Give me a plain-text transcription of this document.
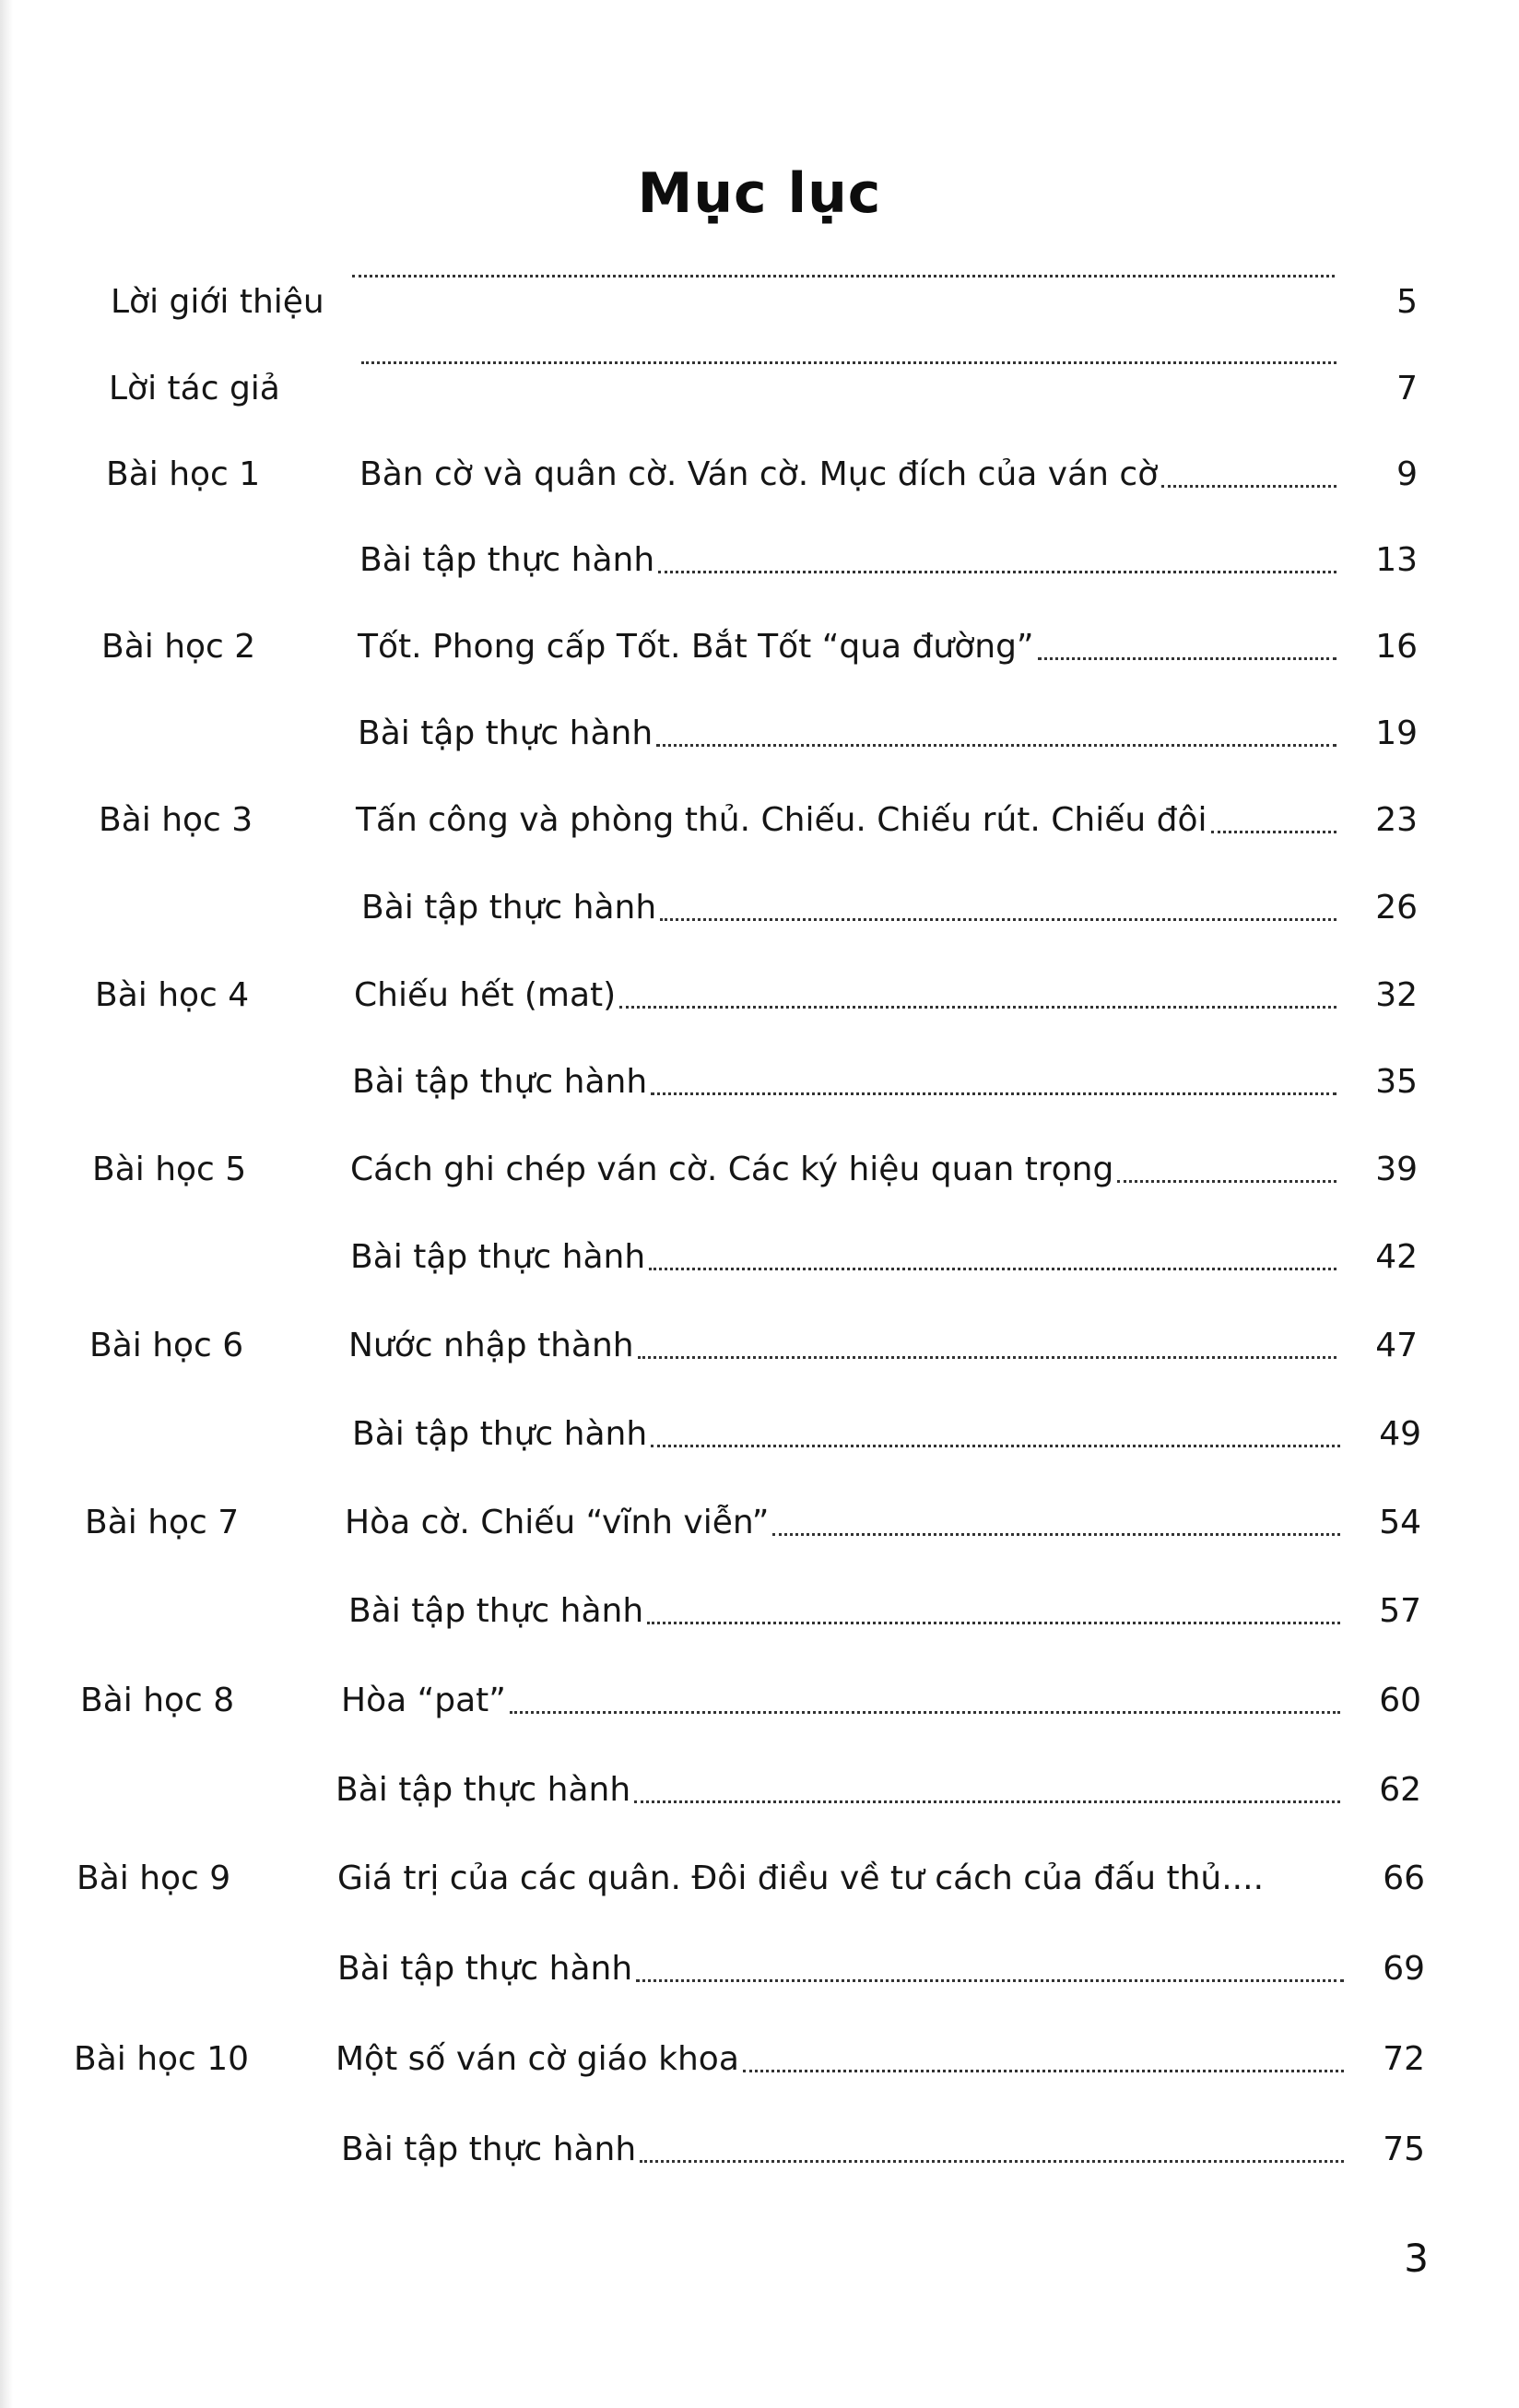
Mục lục
Lời giới thiệu	5
Lời tác giả	7
Bài học 1	Bàn cờ và quân cờ. Ván cờ. Mục đích của ván cờ	9
Bài tập thực hành	13
Bài học 2	Tốt. Phong cấp Tốt. Bắt Tốt “qua đường”	16
Bài tập thực hành	19
Bài học 3	Tấn công và phòng thủ. Chiếu. Chiếu rút. Chiếu đôi	23
Bài tập thực hành	26
Bài học 4	Chiếu hết (mat)	32
Bài tập thực hành	35
Bài học 5	Cách ghi chép ván cờ. Các ký hiệu quan trọng	39
Bài tập thực hành	42
Bài học 6	Nước nhập thành	47
Bài tập thực hành	49
Bài học 7	Hòa cờ. Chiếu “vĩnh viễn”	54
Bài tập thực hành	57
Bài học 8	Hòa “pat”	60
Bài tập thực hành	62
Bài học 9	Giá trị của các quân. Đôi điều về tư cách của đấu thủ....	66
Bài tập thực hành	69
Bài học 10	Một số ván cờ giáo khoa	72
Bài tập thực hành	75
3
